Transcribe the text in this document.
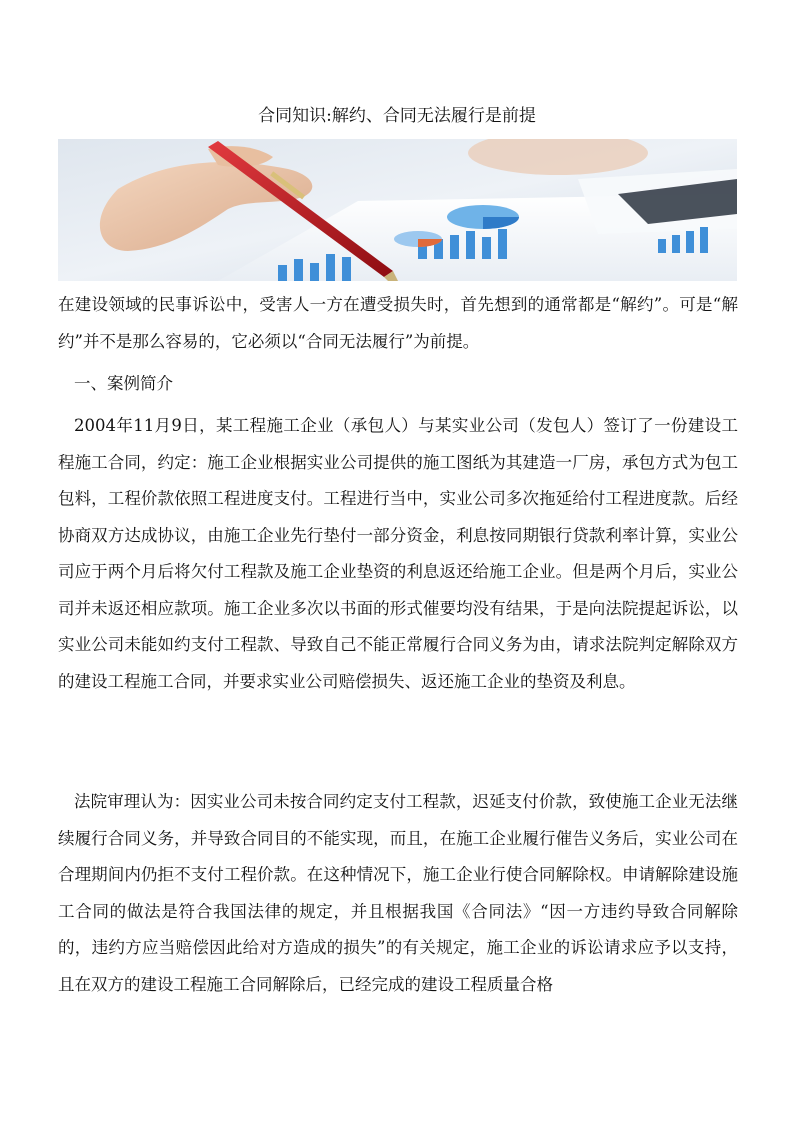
合同知识:解约、合同无法履行是前提
在建设领域的民事诉讼中，受害人一方在遭受损失时，首先想到的通常都是“解约”。可是“解约”并不是那么容易的，它必须以“合同无法履行”为前提。
一、案例简介
2004年11月9日，某工程施工企业（承包人）与某实业公司（发包人）签订了一份建设工程施工合同，约定：施工企业根据实业公司提供的施工图纸为其建造一厂房，承包方式为包工包料，工程价款依照工程进度支付。工程进行当中，实业公司多次拖延给付工程进度款。后经协商双方达成协议，由施工企业先行垫付一部分资金，利息按同期银行贷款利率计算，实业公司应于两个月后将欠付工程款及施工企业垫资的利息返还给施工企业。但是两个月后，实业公司并未返还相应款项。施工企业多次以书面的形式催要均没有结果，于是向法院提起诉讼，以实业公司未能如约支付工程款、导致自己不能正常履行合同义务为由，请求法院判定解除双方的建设工程施工合同，并要求实业公司赔偿损失、返还施工企业的垫资及利息。
法院审理认为：因实业公司未按合同约定支付工程款，迟延支付价款，致使施工企业无法继续履行合同义务，并导致合同目的不能实现，而且，在施工企业履行催告义务后，实业公司在合理期间内仍拒不支付工程价款。在这种情况下，施工企业行使合同解除权。申请解除建设施工合同的做法是符合我国法律的规定，并且根据我国《合同法》“因一方违约导致合同解除的，违约方应当赔偿因此给对方造成的损失”的有关规定，施工企业的诉讼请求应予以支持，且在双方的建设工程施工合同解除后，已经完成的建设工程质量合格
